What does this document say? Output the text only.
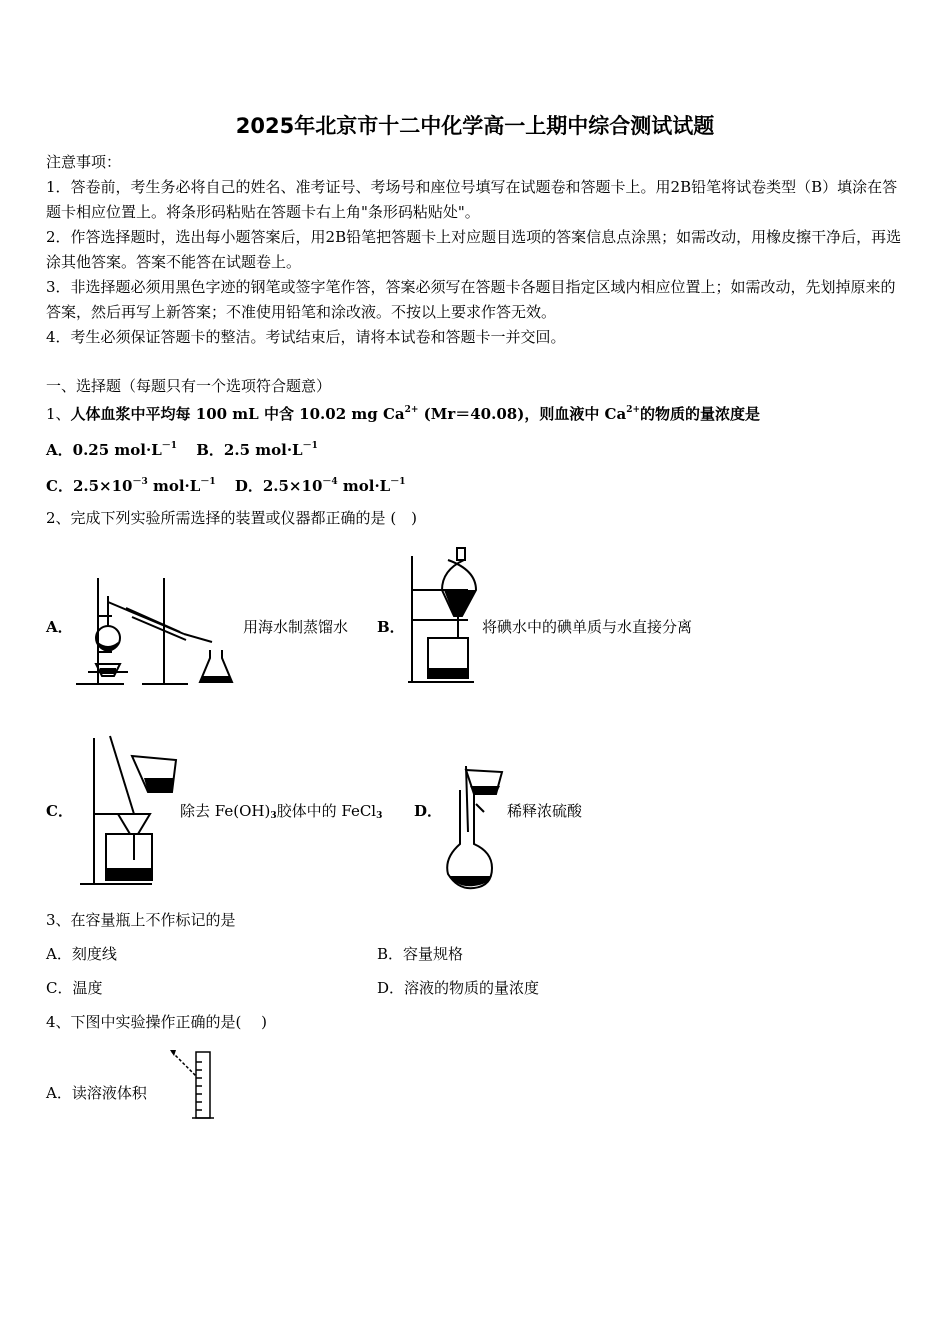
2025年北京市十二中化学高一上期中综合测试试题
注意事项：
1．答卷前，考生务必将自己的姓名、准考证号、考场号和座位号填写在试题卷和答题卡上。用2B铅笔将试卷类型（B）填涂在答题卡相应位置上。将条形码粘贴在答题卡右上角"条形码粘贴处"。
2．作答选择题时，选出每小题答案后，用2B铅笔把答题卡上对应题目选项的答案信息点涂黑；如需改动，用橡皮擦干净后，再选涂其他答案。答案不能答在试题卷上。
3．非选择题必须用黑色字迹的钢笔或签字笔作答，答案必须写在答题卡各题目指定区域内相应位置上；如需改动，先划掉原来的答案，然后再写上新答案；不准使用铅笔和涂改液。不按以上要求作答无效。
4．考生必须保证答题卡的整洁。考试结束后，请将本试卷和答题卡一并交回。
一、选择题（每题只有一个选项符合题意）
1、人体血浆中平均每 100 mL 中含 10.02 mg $Ca^{2+}$ (Mr＝40.08)，则血液中 $Ca^{2+}$的物质的量浓度是
A．0.25 $mol\cdot L^{-1}$ B．2.5 $mol\cdot L^{-1}$
C．$2.5\times 10^{-3}$ $mol\cdot L^{-1}$ D．$2.5\times 10^{-4}$ $mol\cdot L^{-1}$
2、完成下列实验所需选择的装置或仪器都正确的是 (　)
A．	用海水制蒸馏水 B．	将碘水中的碘单质与水直接分离
C．	除去 $Fe(OH)_3$胶体中的 FeCl$_3$ D．	稀释浓硫酸
3、在容量瓶上不作标记的是
A．刻度线	B．容量规格
C．温度	D．溶液的物质的量浓度
4、下图中实验操作正确的是(　 )
A．读溶液体积
